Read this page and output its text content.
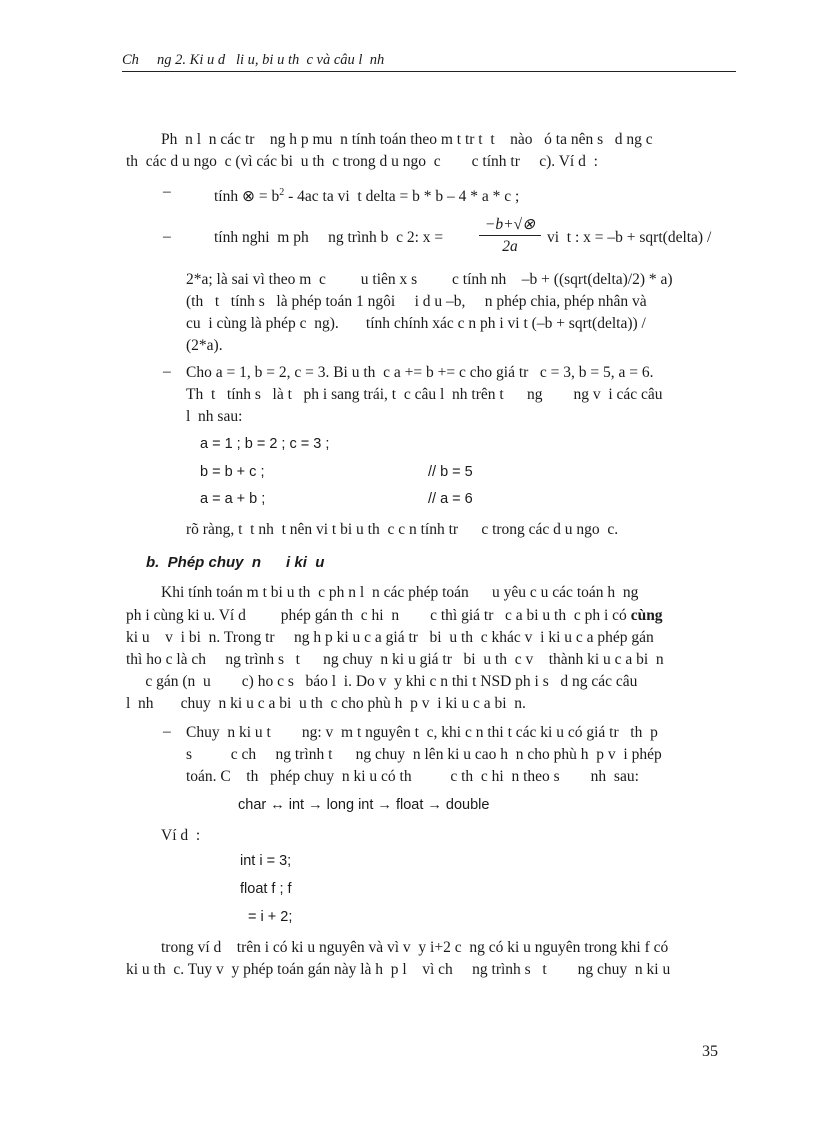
Ch     ng 2. Ki u d   li u, bi u th  c và câu l  nh
Ph  n l  n các tr    ng h p mu  n tính toán theo m t tr t  t    nào   ó ta nên s   d ng c
th  các d u ngo  c (vì các bi  u th  c trong d u ngo  c        c tính tr     c). Ví d  :
–	tính ⊗ = $b^2 - 4ac$ ta vi  t delta = b * b – 4 * a * c ;
–	tính nghi  m ph     ng trình b  c 2: x =
−b+√⊗
2a
vi  t : x = –b + sqrt(delta) /
2*a; là sai vì theo m  c         u tiên x s         c tính nh    –b + ((sqrt(delta)/2) * a)
(th   t   tính s   là phép toán 1 ngôi     i d u –b,     n phép chia, phép nhân và
cu  i cùng là phép c  ng).       tính chính xác c n ph i vi t (–b + sqrt(delta)) /
(2*a).
– Cho a = 1, b = 2, c = 3. Bi u th  c a += b += c cho giá tr   c = 3, b = 5, a = 6.
Th  t   tính s   là t   ph i sang trái, t  c câu l  nh trên t      ng        ng v  i các câu
l  nh sau:
a = 1 ; b = 2 ; c = 3 ;
b = b + c ;	// b = 5
a = a + b ;	// a = 6
rõ ràng, t  t nh  t nên vi t bi u th  c c n tính tr      c trong các d u ngo  c.
b.  Phép chuy  n      i ki  u
Khi tính toán m t bi u th  c ph n l  n các phép toán      u yêu c u các toán h  ng
ph i cùng ki u. Ví d         phép gán th  c hi  n        c thì giá tr   c a bi u th  c ph i có cùng
ki u    v  i bi  n. Trong tr     ng h p ki u c a giá tr   bi  u th  c khác v  i ki u c a phép gán
thì ho c là ch     ng trình s   t      ng chuy  n ki u giá tr   bi  u th  c v    thành ki u c a bi  n
c gán (n  u        c) ho c s   báo l  i. Do v  y khi c n thi t NSD ph i s   d ng các câu
l  nh       chuy  n ki u c a bi  u th  c cho phù h  p v  i ki u c a bi  n.
– Chuy  n ki u t        ng: v  m t nguyên t  c, khi c n thi t các ki u có giá tr   th  p
s          c ch     ng trình t      ng chuy  n lên ki u cao h  n cho phù h  p v  i phép
toán. C    th   phép chuy  n ki u có th          c th  c hi  n theo s        nh  sau:
char ↔ int → long int → float → double
Ví d  :
int i = 3;
float f ; f
= i + 2;
trong ví d    trên i có ki u nguyên và vì v  y i+2 c  ng có ki u nguyên trong khi f có
ki u th  c. Tuy v  y phép toán gán này là h  p l    vì ch     ng trình s   t        ng chuy  n ki u
35
